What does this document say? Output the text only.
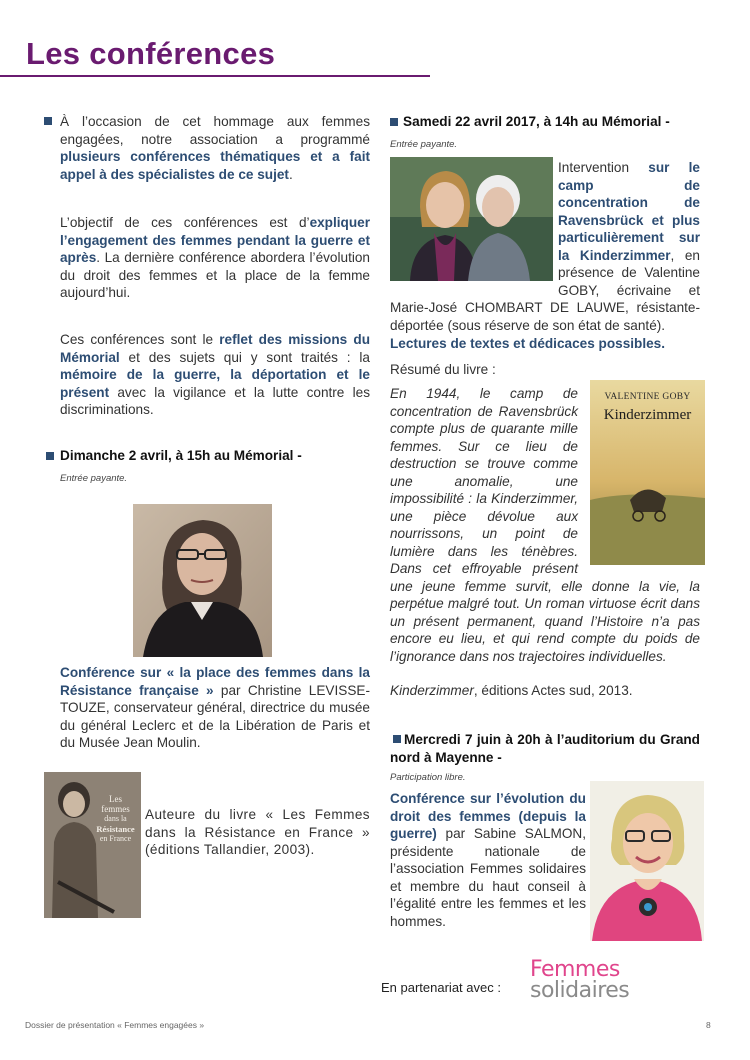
Les conférences
À l’occasion de cet hommage aux femmes engagées, notre association a programmé plusieurs conférences thématiques et a fait appel à des spécialistes de ce sujet.
L’objectif de ces conférences est d’expliquer l’engagement des femmes pendant la guerre et après. La dernière conférence abordera l’évolution du droit des femmes et la place de la femme aujourd’hui.
Ces conférences sont le reflet des missions du Mémorial et des sujets qui y sont traités : la mémoire de la guerre, la déportation et le présent avec la vigilance et la lutte contre les discriminations.
Dimanche 2 avril, à 15h au Mémorial -
Entrée payante.
Conférence sur « la place des femmes dans la Résistance française » par Christine LEVISSE-TOUZE, conservateur général, directrice du musée du général Leclerc et de la Libération de Paris et du Musée Jean Moulin.
Les
femmes
dans la
Résistance
en France
Auteure du livre « Les Femmes dans la Résistance en France » (éditions Tallandier, 2003).
Samedi 22 avril 2017, à 14h au Mémorial -
Entrée payante.
Intervention sur le camp de concentration de Ravensbrück et plus particulièrement sur la Kinderzimmer, en présence de Valentine GOBY, écrivaine et Marie-José CHOMBART DE LAUWE, résistante-déportée (sous réserve de son état de santé).
Lectures de textes et dédicaces possibles.
Résumé du livre :
En 1944, le camp de concentration de Ravensbrück compte plus de quarante mille femmes. Sur ce lieu de destruction se trouve comme une anomalie, une impossibilité : la Kinderzimmer, une pièce dévolue aux nourrissons, un point de lumière dans les ténèbres. Dans cet effroyable présent une jeune femme survit, elle donne la vie, la perpétue malgré tout. Un roman virtuose écrit dans un présent permanent, quand l’Histoire n’a pas encore eu lieu, et qui rend compte du poids de l’ignorance dans nos trajectoires individuelles.
VALENTINE GOBY
Kinderzimmer
Kinderzimmer, éditions Actes sud, 2013.
Mercredi 7 juin à 20h à l’auditorium du Grand nord à Mayenne -
Participation libre.
Conférence sur l’évolution du droit des femmes (depuis la guerre) par Sabine SALMON, présidente nationale de l’association Femmes solidaires et membre du haut conseil à l’égalité entre les femmes et les hommes.
En partenariat avec :
Femmes
solidaires
Dossier de présentation « Femmes engagées »	8
